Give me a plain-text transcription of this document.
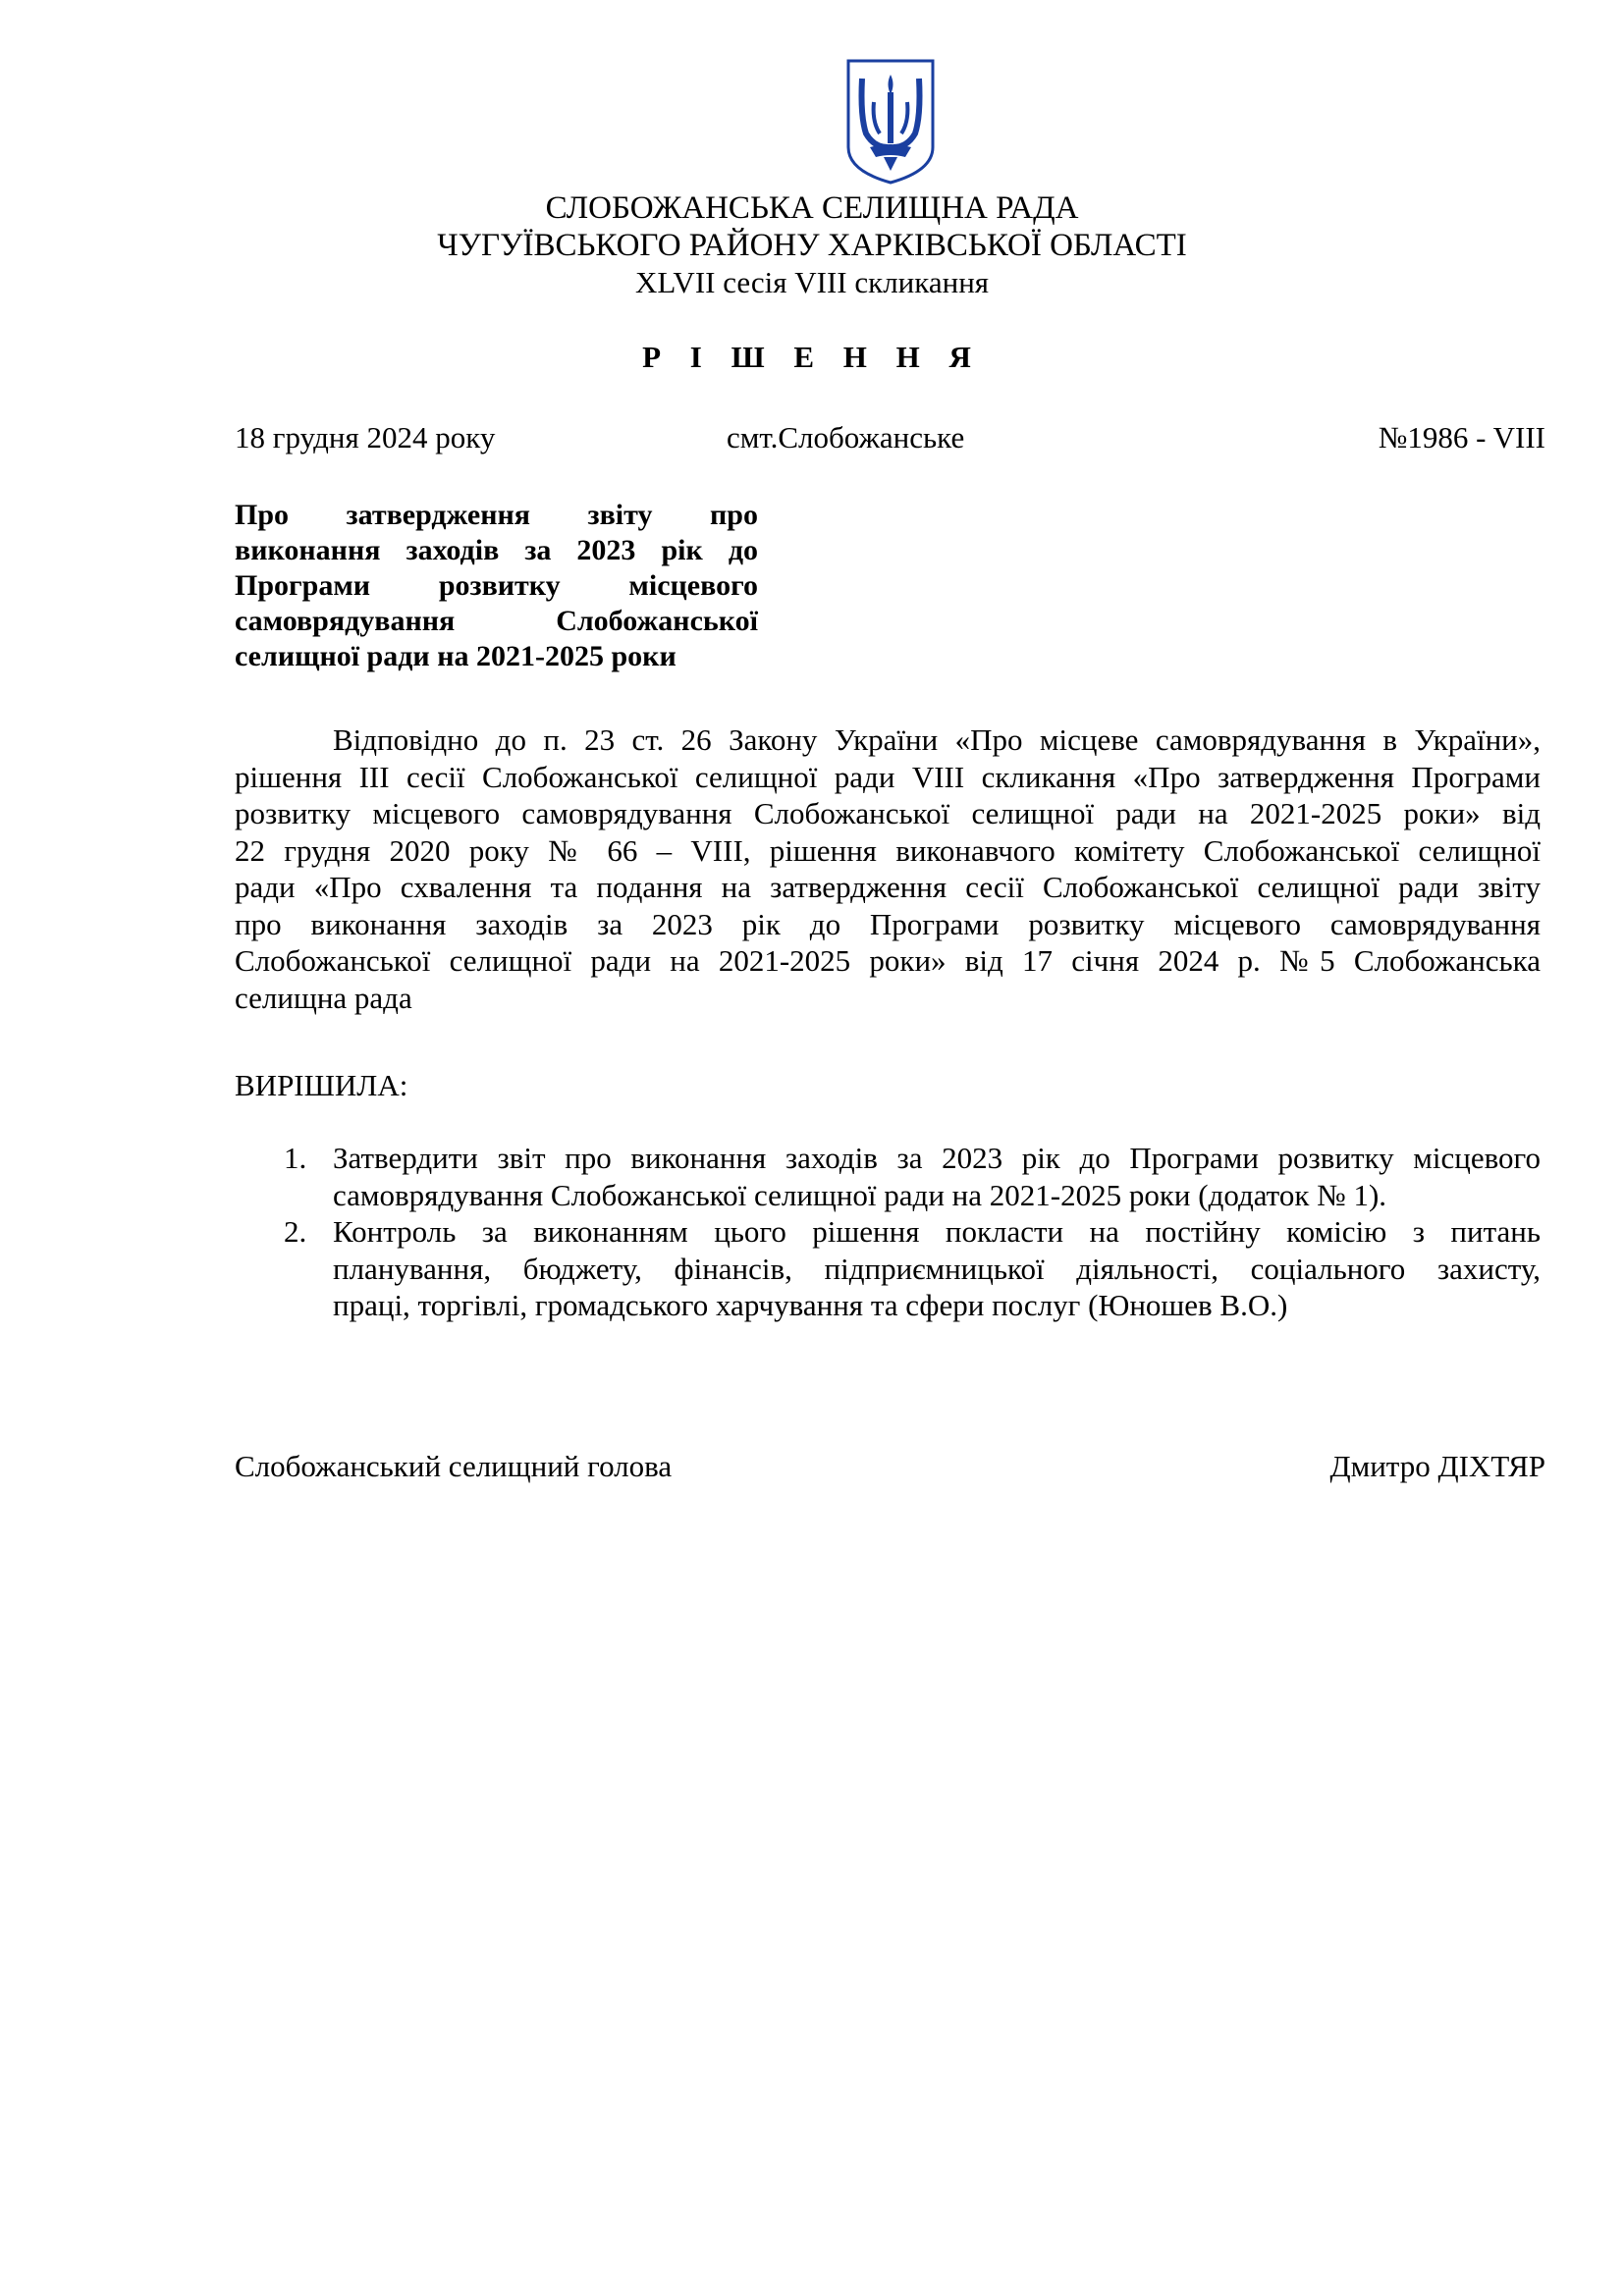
СЛОБОЖАНСЬКА СЕЛИЩНА РАДА
ЧУГУЇВСЬКОГО РАЙОНУ ХАРКІВСЬКОЇ ОБЛАСТІ
XLVII сесія VIII скликання
Р І Ш Е Н Н Я
18 грудня 2024 року	смт.Слобожанське	№1986 - VIII
Про затвердження звіту про
виконання заходів за 2023 рік до
Програми розвитку місцевого
самоврядування Слобожанської
селищної ради на 2021-2025 роки
Відповідно до п. 23 ст. 26 Закону України «Про місцеве самоврядування в України»,
рішення ІІІ сесії Слобожанської селищної ради VIII скликання «Про затвердження Програми
розвитку місцевого самоврядування Слобожанської селищної ради на 2021-2025 роки» від
22 грудня 2020 року № 66 – VIII, рішення виконавчого комітету Слобожанської селищної
ради «Про схвалення та подання на затвердження сесії Слобожанської селищної ради звіту
про виконання заходів за 2023 рік до Програми розвитку місцевого самоврядування
Слобожанської селищної ради на 2021-2025 роки» від 17 січня 2024 р. №5 Слобожанська
селищна рада
ВИРІШИЛА:
1. Затвердити звіт про виконання заходів за 2023 рік до Програми розвитку місцевого
самоврядування Слобожанської селищної ради на 2021-2025 роки (додаток № 1).
2. Контроль за виконанням цього рішення покласти на постійну комісію з питань
планування, бюджету, фінансів, підприємницької діяльності, соціального захисту,
праці, торгівлі, громадського харчування та сфери послуг (Юношев В.О.)
Слобожанський селищний голова	Дмитро ДІХТЯР
